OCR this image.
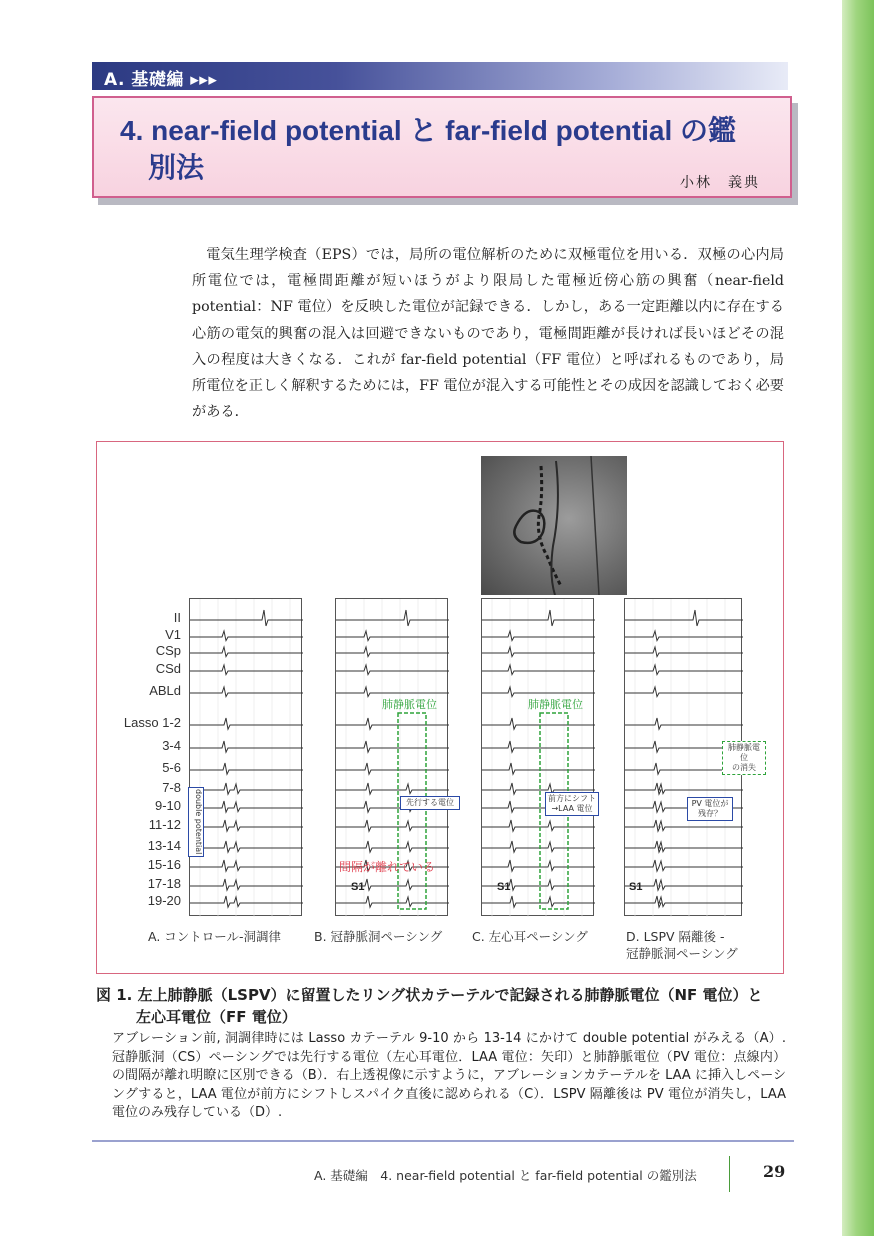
A. 基礎編 ▸▸▸
4. near-field potential と far-field potential の鑑
別法	小林　義典

電気生理学検査（EPS）では，局所の電位解析のために双極電位を用いる．双極の心内局所電位では，電極間距離が短いほうがより限局した電極近傍心筋の興奮（near-field potential：NF 電位）を反映した電位が記録できる．しかし，ある一定距離以内に存在する心筋の電気的興奮の混入は回避できないものであり，電極間距離が長ければ長いほどその混入の程度は大きくなる．これが far-field potential（FF 電位）と呼ばれるものであり，局所電位を正しく解釈するためには，FF 電位が混入する可能性とその成因を認識しておく必要がある．

II
V1
CSp
CSd
ABLd
Lasso 1-2
3-4
5-6
7-8
9-10
11-12
13-14
15-16
17-18
19-20
double potential
肺静脈電位	肺静脈電位
先行する電位	前方にシフト
→LAA 電位
肺静脈電位
の消失
PV 電位が
残存？
間隔が離れている
S1	S1	S1
A. コントロール-洞調律	B. 冠静脈洞ペーシング C. 左心耳ペーシング	D. LSPV 隔離後 -
冠静脈洞ペーシング
図 1. 左上肺静脈（LSPV）に留置したリング状カテーテルで記録される肺静脈電位（NF 電位）と
左心耳電位（FF 電位）
アブレーション前, 洞調律時には Lasso カテーテル 9-10 から 13-14 にかけて double potential がみえる（A）. 冠静脈洞（CS）ペーシングでは先行する電位（左心耳電位．LAA 電位：矢印）と肺静脈電位（PV 電位：点線内）の間隔が離れ明瞭に区別できる（B）．右上透視像に示すように，アブレーションカテーテルを LAA に挿入しペーシングすると，LAA 電位が前方にシフトしスパイク直後に認められる（C）．LSPV 隔離後は PV 電位が消失し，LAA 電位のみ残存している（D）.
A. 基礎編　4. near-field potential と far-field potential の鑑別法	29
